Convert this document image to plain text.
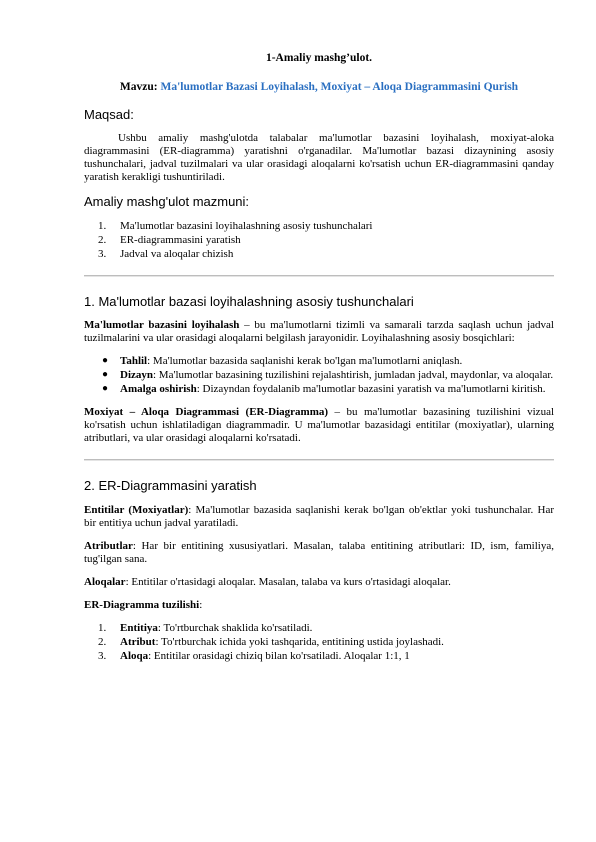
1-Amaliy mashg’ulot.

Mavzu: Ma'lumotlar Bazasi Loyihalash, Moxiyat – Aloqa Diagrammasini Qurish

Maqsad:

Ushbu amaliy mashg'ulotda talabalar ma'lumotlar bazasini loyihalash, moxiyat-aloka diagrammasini (ER-diagramma) yaratishni o'rganadilar. Ma'lumotlar bazasi dizaynining asosiy tushunchalari, jadval tuzilmalari va ular orasidagi aloqalarni ko'rsatish uchun ER-diagrammasini qanday yaratish kerakligi tushuntiriladi.

Amaliy mashg'ulot mazmuni:
1. Ma'lumotlar bazasini loyihalashning asosiy tushunchalari
2. ER-diagrammasini yaratish
3. Jadval va aloqalar chizish
1. Ma'lumotlar bazasi loyihalashning asosiy tushunchalari

Ma'lumotlar bazasini loyihalash – bu ma'lumotlarni tizimli va samarali tarzda saqlash uchun jadval tuzilmalarini va ular orasidagi aloqalarni belgilash jarayonidir. Loyihalashning asosiy bosqichlari:

● Tahlil: Ma'lumotlar bazasida saqlanishi kerak bo'lgan ma'lumotlarni aniqlash.
● Dizayn: Ma'lumotlar bazasining tuzilishini rejalashtirish, jumladan jadval, maydonlar, va aloqalar.
● Amalga oshirish: Dizayndan foydalanib ma'lumotlar bazasini yaratish va ma'lumotlarni kiritish.

Moxiyat – Aloqa Diagrammasi (ER-Diagramma) – bu ma'lumotlar bazasining tuzilishini vizual ko'rsatish uchun ishlatiladigan diagrammadir. U ma'lumotlar bazasidagi entitilar (moxiyatlar), ularning atributlari, va ular orasidagi aloqalarni ko'rsatadi.

2. ER-Diagrammasini yaratish

Entitilar (Moxiyatlar): Ma'lumotlar bazasida saqlanishi kerak bo'lgan ob'ektlar yoki tushunchalar. Har bir entitiya uchun jadval yaratiladi.

Atributlar: Har bir entitining xususiyatlari. Masalan, talaba entitining atributlari: ID, ism, familiya, tug'ilgan sana.

Aloqalar: Entitilar o'rtasidagi aloqalar. Masalan, talaba va kurs o'rtasidagi aloqalar.

ER-Diagramma tuzilishi:

1. Entitiya: To'rtburchak shaklida ko'rsatiladi.
2. Atribut: To'rtburchak ichida yoki tashqarida, entitining ustida joylashadi.
3. Aloqa: Entitilar orasidagi chiziq bilan ko'rsatiladi. Aloqalar 1:1, 1
